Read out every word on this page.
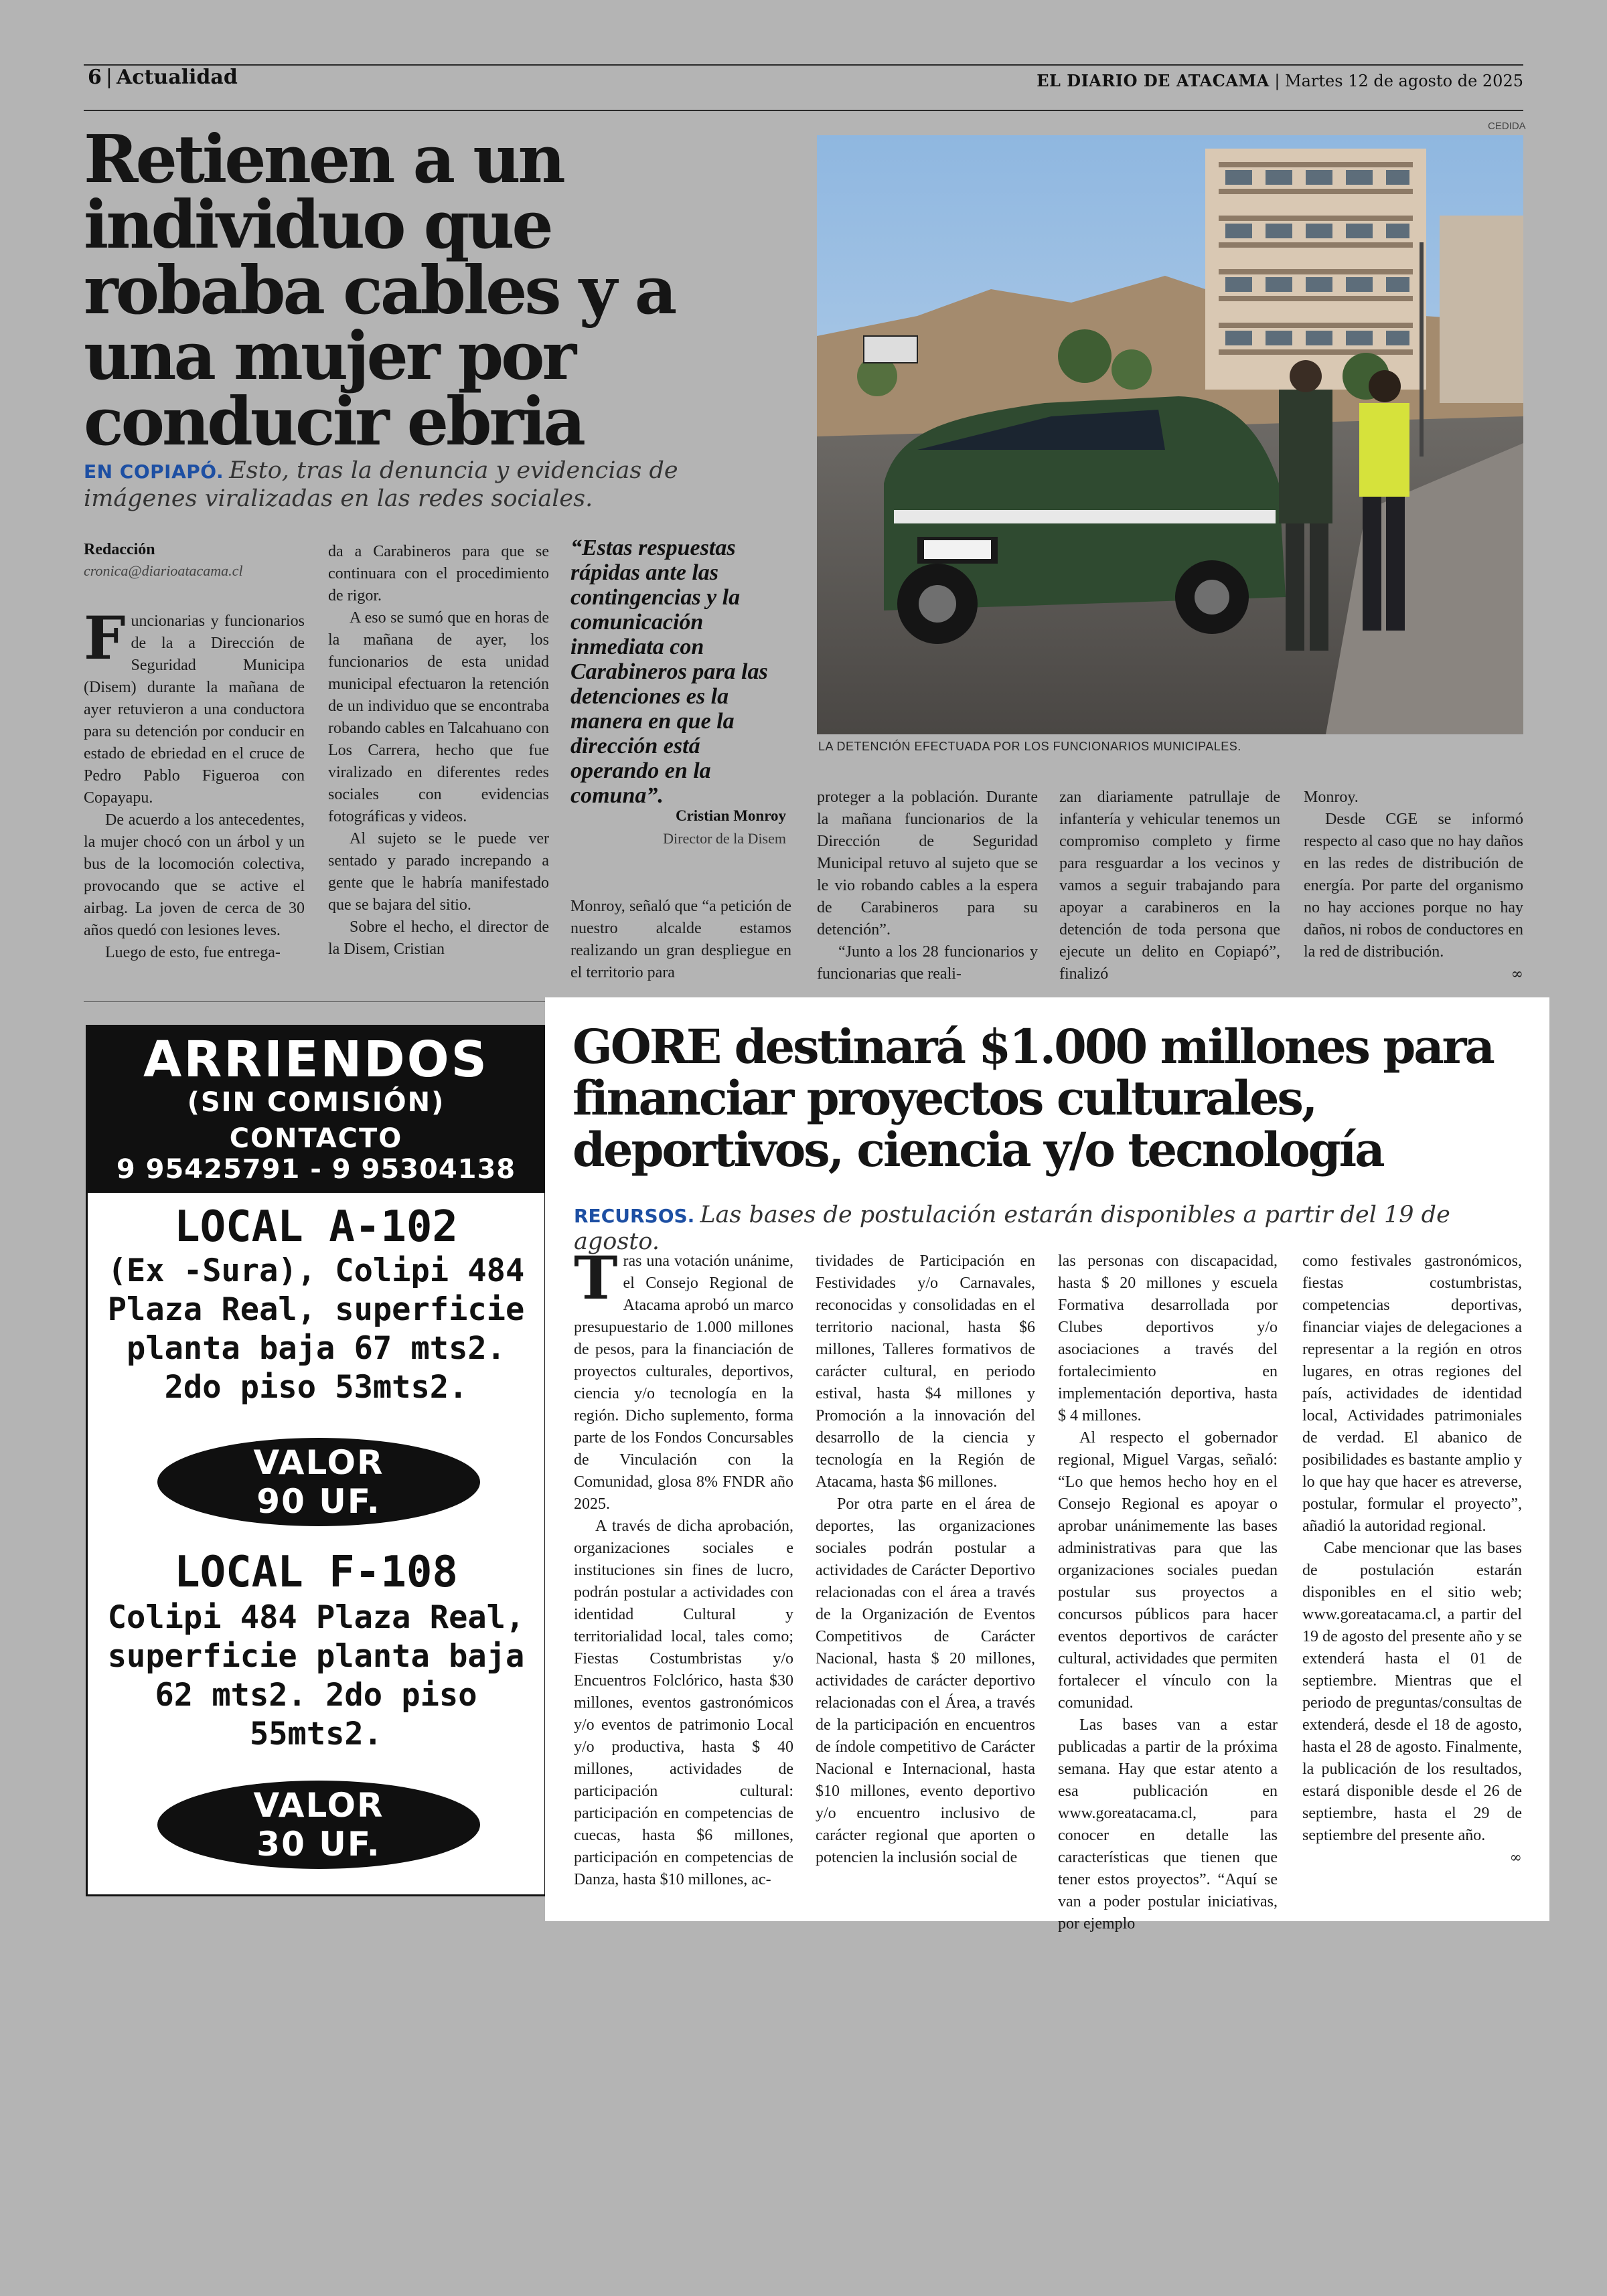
6 | Actualidad	EL DIARIO DE ATACAMA | Martes 12 de agosto de 2025
Retienen a un individuo que robaba cables y a una mujer por conducir ebria
EN COPIAPÓ. Esto, tras la denuncia y evidencias de imágenes viralizadas en las redes sociales.
CEDIDA
LA DETENCIÓN EFECTUADA POR LOS FUNCIONARIOS MUNICIPALES.
Redacción
cronica@diarioatacama.cl

Funcionarias y funcionarios de la a Dirección de Seguridad Municipa (Disem) durante la mañana de ayer retuvieron a una conductora para su detención por conducir en estado de ebriedad en el cruce de Pedro Pablo Figueroa con Copayapu.

De acuerdo a los antecedentes, la mujer chocó con un árbol y un bus de la locomoción colectiva, provocando que se active el airbag. La joven de cerca de 30 años quedó con lesiones leves.

Luego de esto, fue entrega-

da a Carabineros para que se continuara con el procedimiento de rigor.

A eso se sumó que en horas de la mañana de ayer, los funcionarios de esta unidad municipal efectuaron la retención de un individuo que se encontraba robando cables en Talcahuano con Los Carrera, hecho que fue viralizado en diferentes redes sociales con evidencias fotográficas y videos.

Al sujeto se le puede ver sentado y parado increpando a gente que le habría manifestado que se bajara del sitio.

Sobre el hecho, el director de la Disem, Cristian

“Estas respuestas rápidas ante las contingencias y la comunicación inmediata con Carabineros para las detenciones es la manera en que la dirección está operando en la comuna”.
Cristian Monroy
Director de la Disem

Monroy, señaló que “a petición de nuestro alcalde estamos realizando un gran despliegue en el territorio para

proteger a la población. Durante la mañana funcionarios de la Dirección de Seguridad Municipal retuvo al sujeto que se le vio robando cables a la espera de Carabineros para su detención”.

“Junto a los 28 funcionarios y funcionarias que reali-

zan diariamente patrullaje de infantería y vehicular tenemos un compromiso completo y firme para resguardar a los vecinos y vamos a seguir trabajando para apoyar a carabineros en la detención de toda persona que ejecute un delito en Copiapó”, finalizó

Monroy.

Desde CGE se informó respecto al caso que no hay daños en las redes de distribución de energía. Por parte del organismo no hay acciones porque no hay daños, ni robos de conductores en la red de distribución.

∞
ARRIENDOS
(SIN COMISIÓN)
CONTACTO
9 95425791 - 9 95304138
LOCAL A-102
(Ex -Sura), Colipi 484 Plaza Real, superficie planta baja 67 mts2. 2do piso 53mts2.
VALOR
90 UF.
LOCAL F-108
Colipi 484 Plaza Real, superficie planta baja 62 mts2. 2do piso 55mts2.
VALOR
30 UF.
GORE destinará $1.000 millones para financiar proyectos culturales, deportivos, ciencia y/o tecnología
RECURSOS. Las bases de postulación estarán disponibles a partir del 19 de agosto.

Tras una votación unánime, el Consejo Regional de Atacama aprobó un marco presupuestario de 1.000 millones de pesos, para la financiación de proyectos culturales, deportivos, ciencia y/o tecnología en la región. Dicho suplemento, forma parte de los Fondos Concursables de Vinculación con la Comunidad, glosa 8% FNDR año 2025.

A través de dicha aprobación, organizaciones sociales e instituciones sin fines de lucro, podrán postular a actividades con identidad Cultural y territorialidad local, tales como; Fiestas Costumbristas y/o Encuentros Folclórico, hasta $30 millones, eventos gastronómicos y/o eventos de patrimonio Local y/o productiva, hasta $ 40 millones, actividades de participación cultural: participación en competencias de cuecas, hasta $6 millones, participación en competencias de Danza, hasta $10 millones, ac-

tividades de Participación en Festividades y/o Carnavales, reconocidas y consolidadas en el territorio nacional, hasta $6 millones, Talleres formativos de carácter cultural, en periodo estival, hasta $4 millones y Promoción a la innovación del desarrollo de la ciencia y tecnología en la Región de Atacama, hasta $6 millones.

Por otra parte en el área de deportes, las organizaciones sociales podrán postular a actividades de Carácter Deportivo relacionadas con el área a través de la Organización de Eventos Competitivos de Carácter Nacional, hasta $ 20 millones, actividades de carácter deportivo relacionadas con el Área, a través de la participación en encuentros de índole competitivo de Carácter Nacional e Internacional, hasta $10 millones, evento deportivo y/o encuentro inclusivo de carácter regional que aporten o potencien la inclusión social de

las personas con discapacidad, hasta $ 20 millones y escuela Formativa desarrollada por Clubes deportivos y/o asociaciones a través del fortalecimiento en implementación deportiva, hasta $ 4 millones.

Al respecto el gobernador regional, Miguel Vargas, señaló: “Lo que hemos hecho hoy en el Consejo Regional es apoyar o aprobar unánimemente las bases administrativas para que las organizaciones sociales puedan postular sus proyectos a concursos públicos para hacer eventos deportivos de carácter cultural, actividades que permiten fortalecer el vínculo con la comunidad.

Las bases van a estar publicadas a partir de la próxima semana. Hay que estar atento a esa publicación en www.goreatacama.cl, para conocer en detalle las características que tienen que tener estos proyectos”. “Aquí se van a poder postular iniciativas, por ejemplo

como festivales gastronómicos, fiestas costumbristas, competencias deportivas, financiar viajes de delegaciones a representar a la región en otros lugares, en otras regiones del país, actividades de identidad local, Actividades patrimoniales de verdad. El abanico de posibilidades es bastante amplio y lo que hay que hacer es atreverse, postular, formular el proyecto”, añadió la autoridad regional.

Cabe mencionar que las bases de postulación estarán disponibles en el sitio web; www.goreatacama.cl, a partir del 19 de agosto del presente año y se extenderá hasta el 01 de septiembre. Mientras que el periodo de preguntas/consultas de extenderá, desde el 18 de agosto, hasta el 28 de agosto. Finalmente, la publicación de los resultados, estará disponible desde el 26 de septiembre, hasta el 29 de septiembre del presente año.

∞
